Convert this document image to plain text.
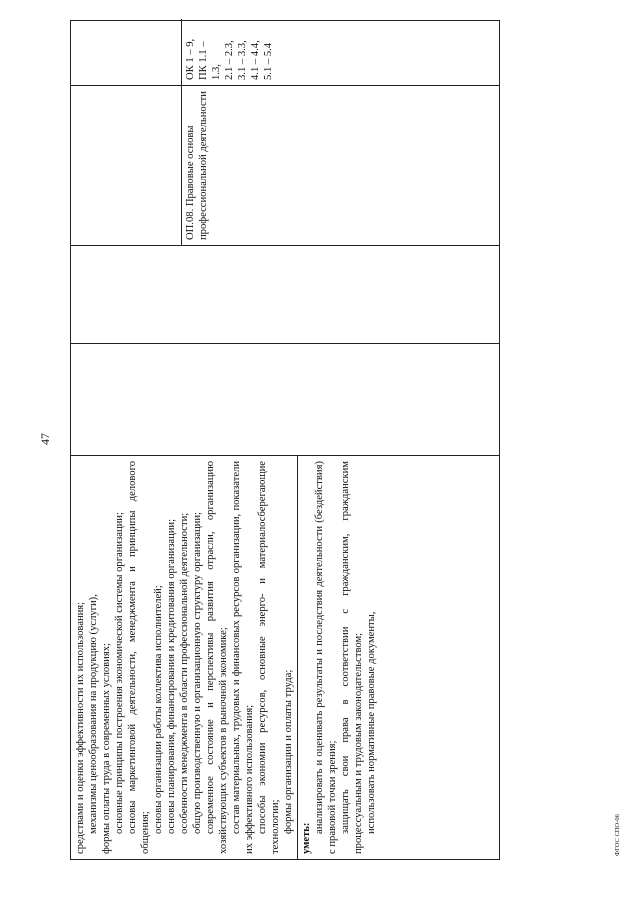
47

средствами и оценки эффективности их использования; механизмы ценообразования на продукцию (услуги), формы оплаты труда в современных условиях; основные принципы построения экономической системы организации; основы маркетинговой деятельности, менеджмента и принципы делового общения; основы организации работы коллектива исполнителей; основы планирования, финансирования и кредитования организации; особенности менеджмента в области профессиональной деятельности; общую производственную и организационную структуру организации; современное состояние и перспективы развития отрасли, организацию хозяйствующих субъектов в рыночной экономике; состав материальных, трудовых и финансовых ресурсов организации, показатели их эффективного использования; способы экономии ресурсов, основные энерго- и материалосберегающие технологии; формы организации и оплаты труда;

уметь:

анализировать и оценивать результаты и последствия деятельности (бездействия) с правовой точки зрения; защищать свои права в соответствии с гражданским, гражданским процессуальным и трудовым законодательством; использовать нормативные правовые документы,

ОП.08. Правовые основы профессиональной деятельности

ОК 1 – 9, ПК 1.1 – 1.3, 2.1 – 2.3, 3.1 – 3.3, 4.1 – 4.4, 5.1 – 5.4

ФГОС СПО-06
